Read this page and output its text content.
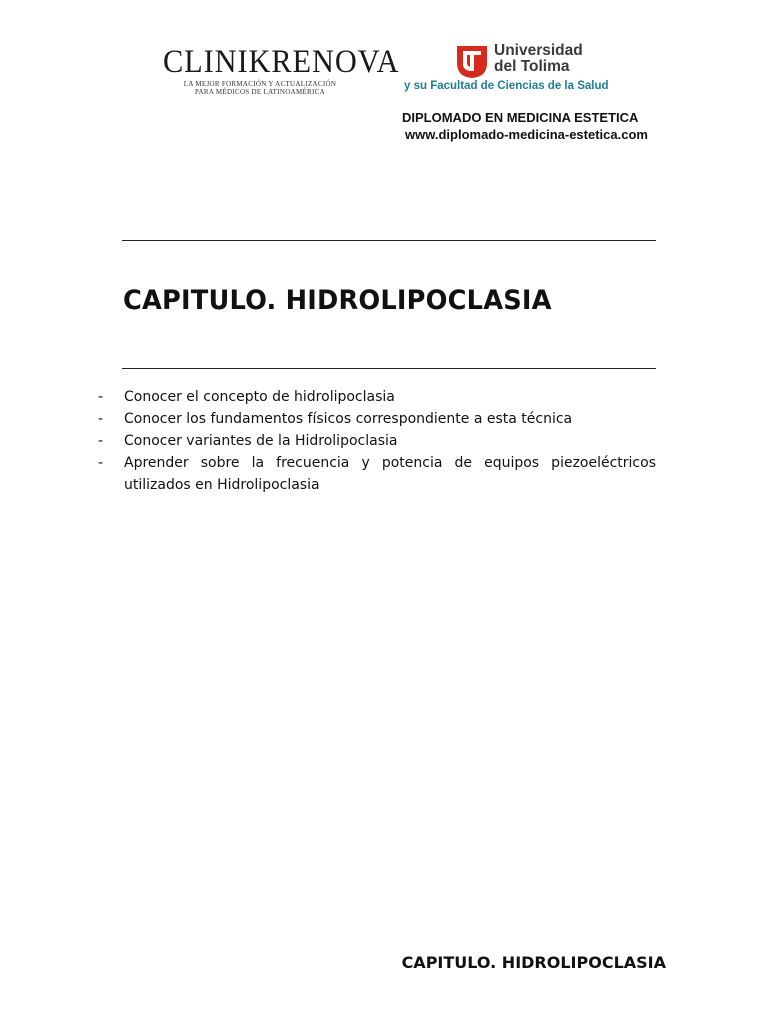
CLINIKRENOVA
LA MEJOR FORMACIÓN Y ACTUALIZACIÓN
PARA MÉDICOS DE LATINOAMÉRICA
Universidad
del Tolima
y su Facultad de Ciencias de la Salud
DIPLOMADO EN MEDICINA ESTETICA
www.diplomado-medicina-estetica.com
CAPITULO. HIDROLIPOCLASIA
-	Conocer el concepto de hidrolipoclasia
-	Conocer los fundamentos físicos correspondiente a esta técnica
-	Conocer variantes de la Hidrolipoclasia
-	Aprender sobre la frecuencia y potencia de equipos piezoeléctricos utilizados en Hidrolipoclasia
CAPITULO. HIDROLIPOCLASIA
